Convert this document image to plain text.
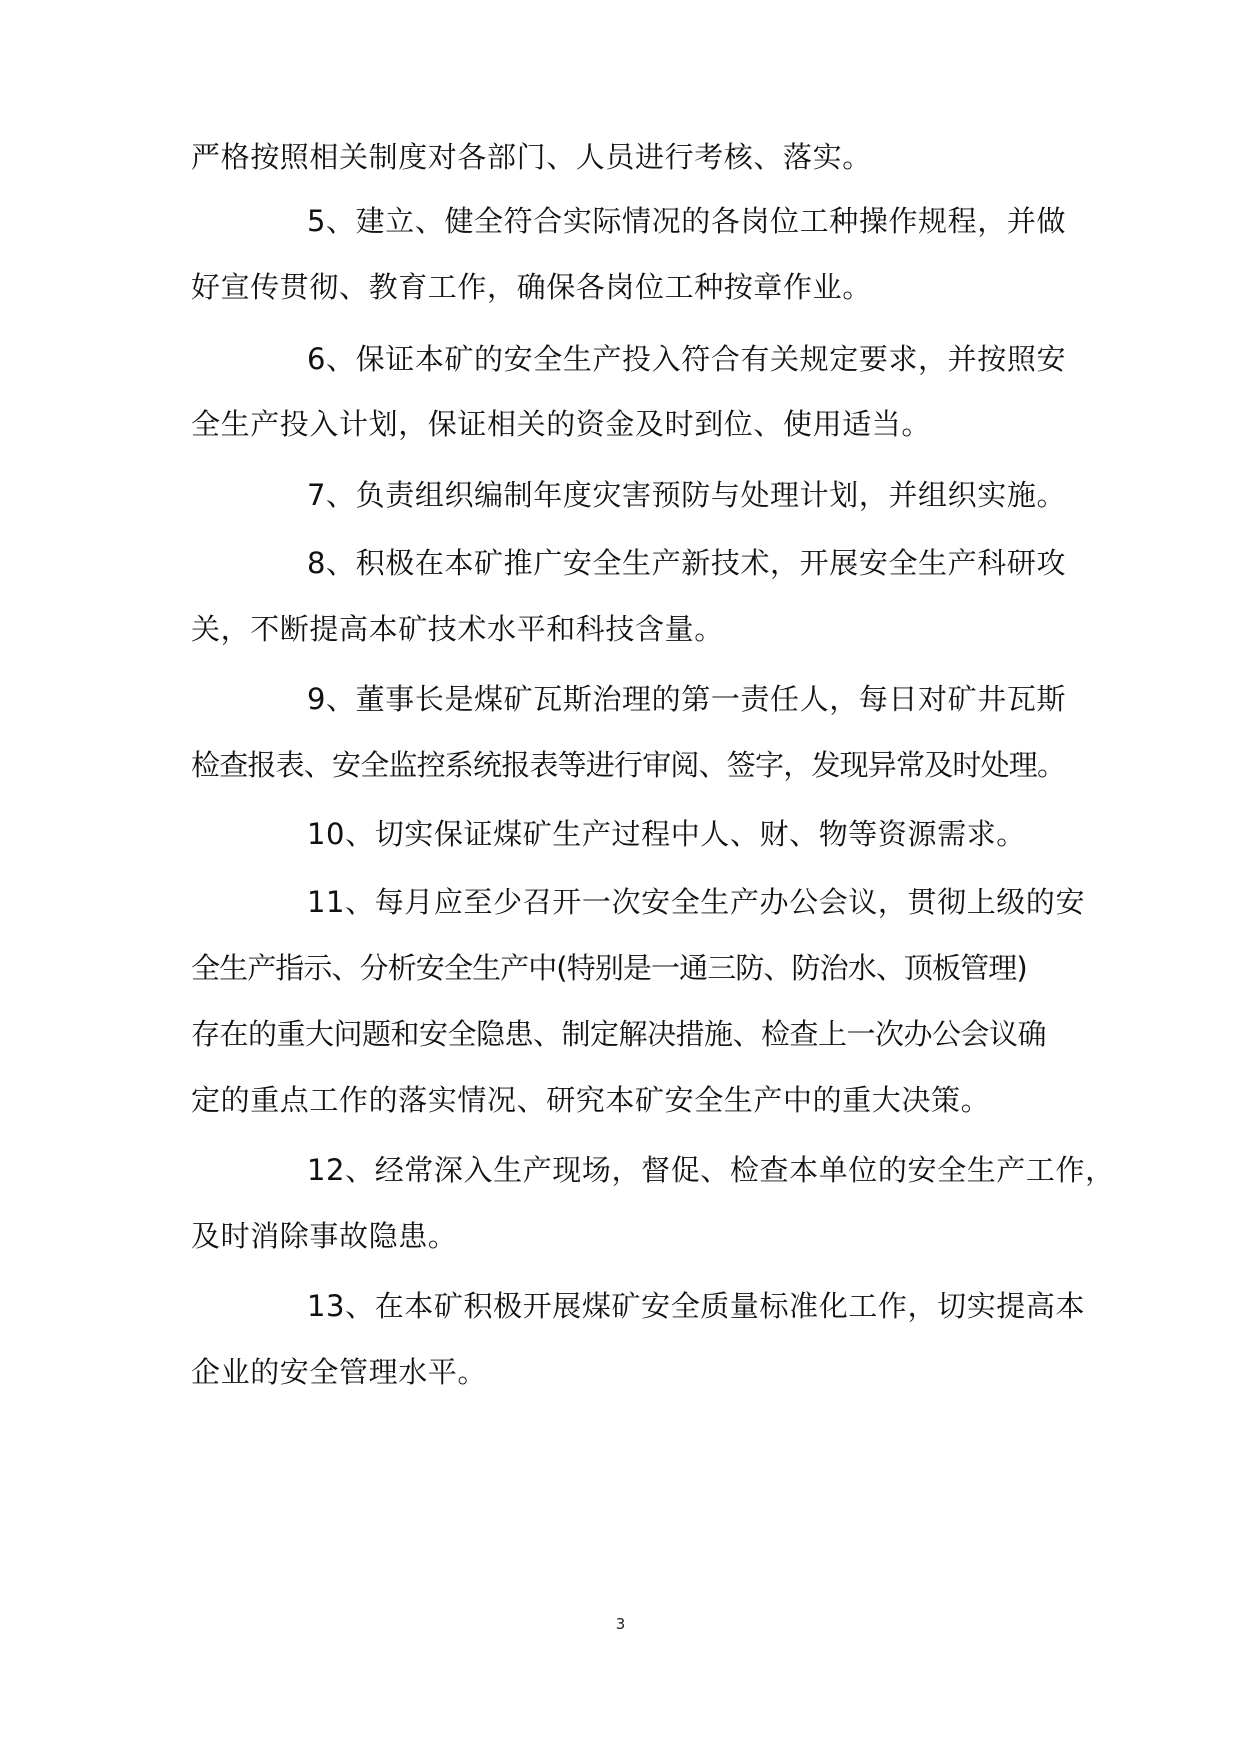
严格按照相关制度对各部门、人员进行考核、落实。
5、建立、健全符合实际情况的各岗位工种操作规程，并做
好宣传贯彻、教育工作，确保各岗位工种按章作业。
6、保证本矿的安全生产投入符合有关规定要求，并按照安
全生产投入计划，保证相关的资金及时到位、使用适当。
7、负责组织编制年度灾害预防与处理计划，并组织实施。
8、积极在本矿推广安全生产新技术，开展安全生产科研攻
关，不断提高本矿技术水平和科技含量。
9、董事长是煤矿瓦斯治理的第一责任人，每日对矿井瓦斯
检查报表、安全监控系统报表等进行审阅、签字，发现异常及时处理。
10、切实保证煤矿生产过程中人、财、物等资源需求。
11、每月应至少召开一次安全生产办公会议，贯彻上级的安
全生产指示、分析安全生产中(特别是一通三防、防治水、顶板管理)
存在的重大问题和安全隐患、制定解决措施、检查上一次办公会议确
定的重点工作的落实情况、研究本矿安全生产中的重大决策。
12、经常深入生产现场，督促、检查本单位的安全生产工作，
及时消除事故隐患。
13、在本矿积极开展煤矿安全质量标准化工作，切实提高本
企业的安全管理水平。
3
